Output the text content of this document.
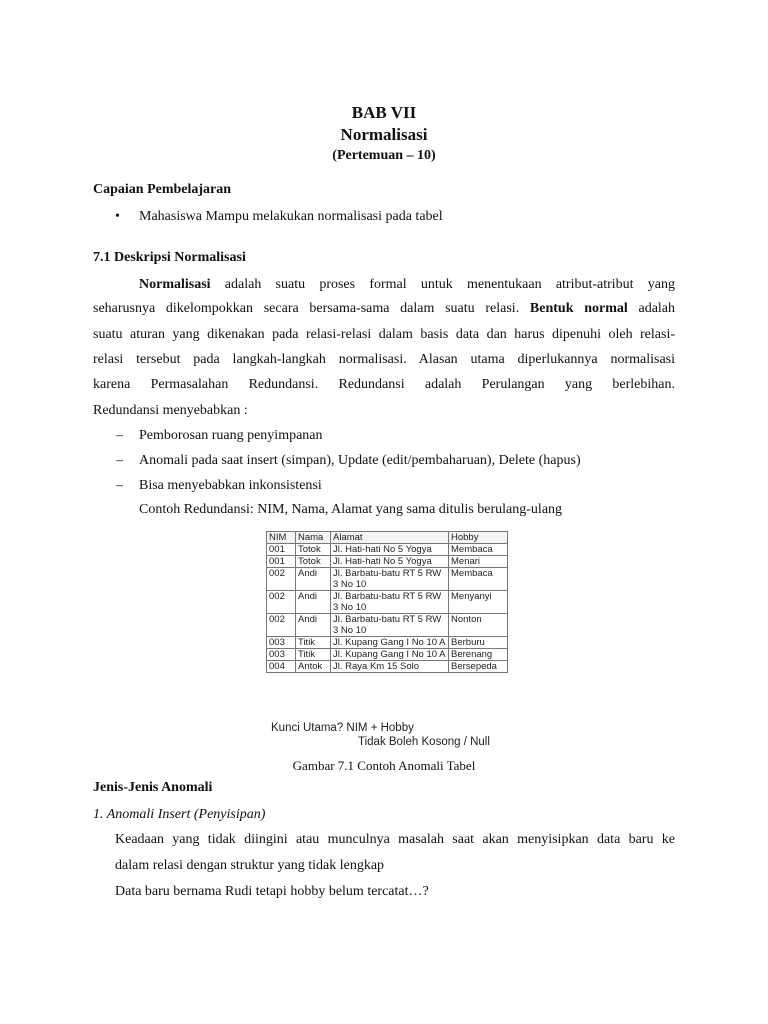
BAB VII
Normalisasi
(Pertemuan – 10)
Capaian Pembelajaran
• Mahasiswa Mampu melakukan normalisasi pada tabel
7.1 Deskripsi Normalisasi
Normalisasi adalah suatu proses formal untuk menentukaan atribut-atribut yang
seharusnya dikelompokkan secara bersama-sama dalam suatu relasi. Bentuk normal adalah
suatu aturan yang dikenakan pada relasi-relasi dalam basis data dan harus dipenuhi oleh relasi-
relasi tersebut pada langkah-langkah normalisasi. Alasan utama diperlukannya normalisasi
karena Permasalahan Redundansi. Redundansi adalah Perulangan yang berlebihan.
Redundansi menyebabkan :
– Pemborosan ruang penyimpanan
– Anomali pada saat insert (simpan), Update (edit/pembaharuan), Delete (hapus)
– Bisa menyebabkan inkonsistensi
Contoh Redundansi: NIM, Nama, Alamat yang sama ditulis berulang-ulang
NIM	Nama	Alamat	Hobby
001	Totok	Jl. Hati-hati No 5 Yogya	Membaca
001	Totok	Jl. Hati-hati No 5 Yogya	Menari
002	Andi	Jl. Barbatu-batu RT 5 RW 3 No 10	Membaca
002	Andi	Jl. Barbatu-batu RT 5 RW 3 No 10	Menyanyi
002	Andi	Jl. Barbatu-batu RT 5 RW 3 No 10	Nonton
003	Titik	Jl. Kupang Gang I No 10 A	Berburu
003	Titik	Jl. Kupang Gang I No 10 A	Berenang
004	Antok	Jl. Raya Km 15 Solo	Bersepeda
Kunci Utama? NIM + Hobby
Tidak Boleh Kosong / Null
Gambar 7.1 Contoh Anomali Tabel
Jenis-Jenis Anomali
1. Anomali Insert (Penyisipan)
Keadaan yang tidak diingini atau munculnya masalah saat akan menyisipkan data baru ke
dalam relasi dengan struktur yang tidak lengkap
Data baru bernama Rudi tetapi hobby belum tercatat…?
